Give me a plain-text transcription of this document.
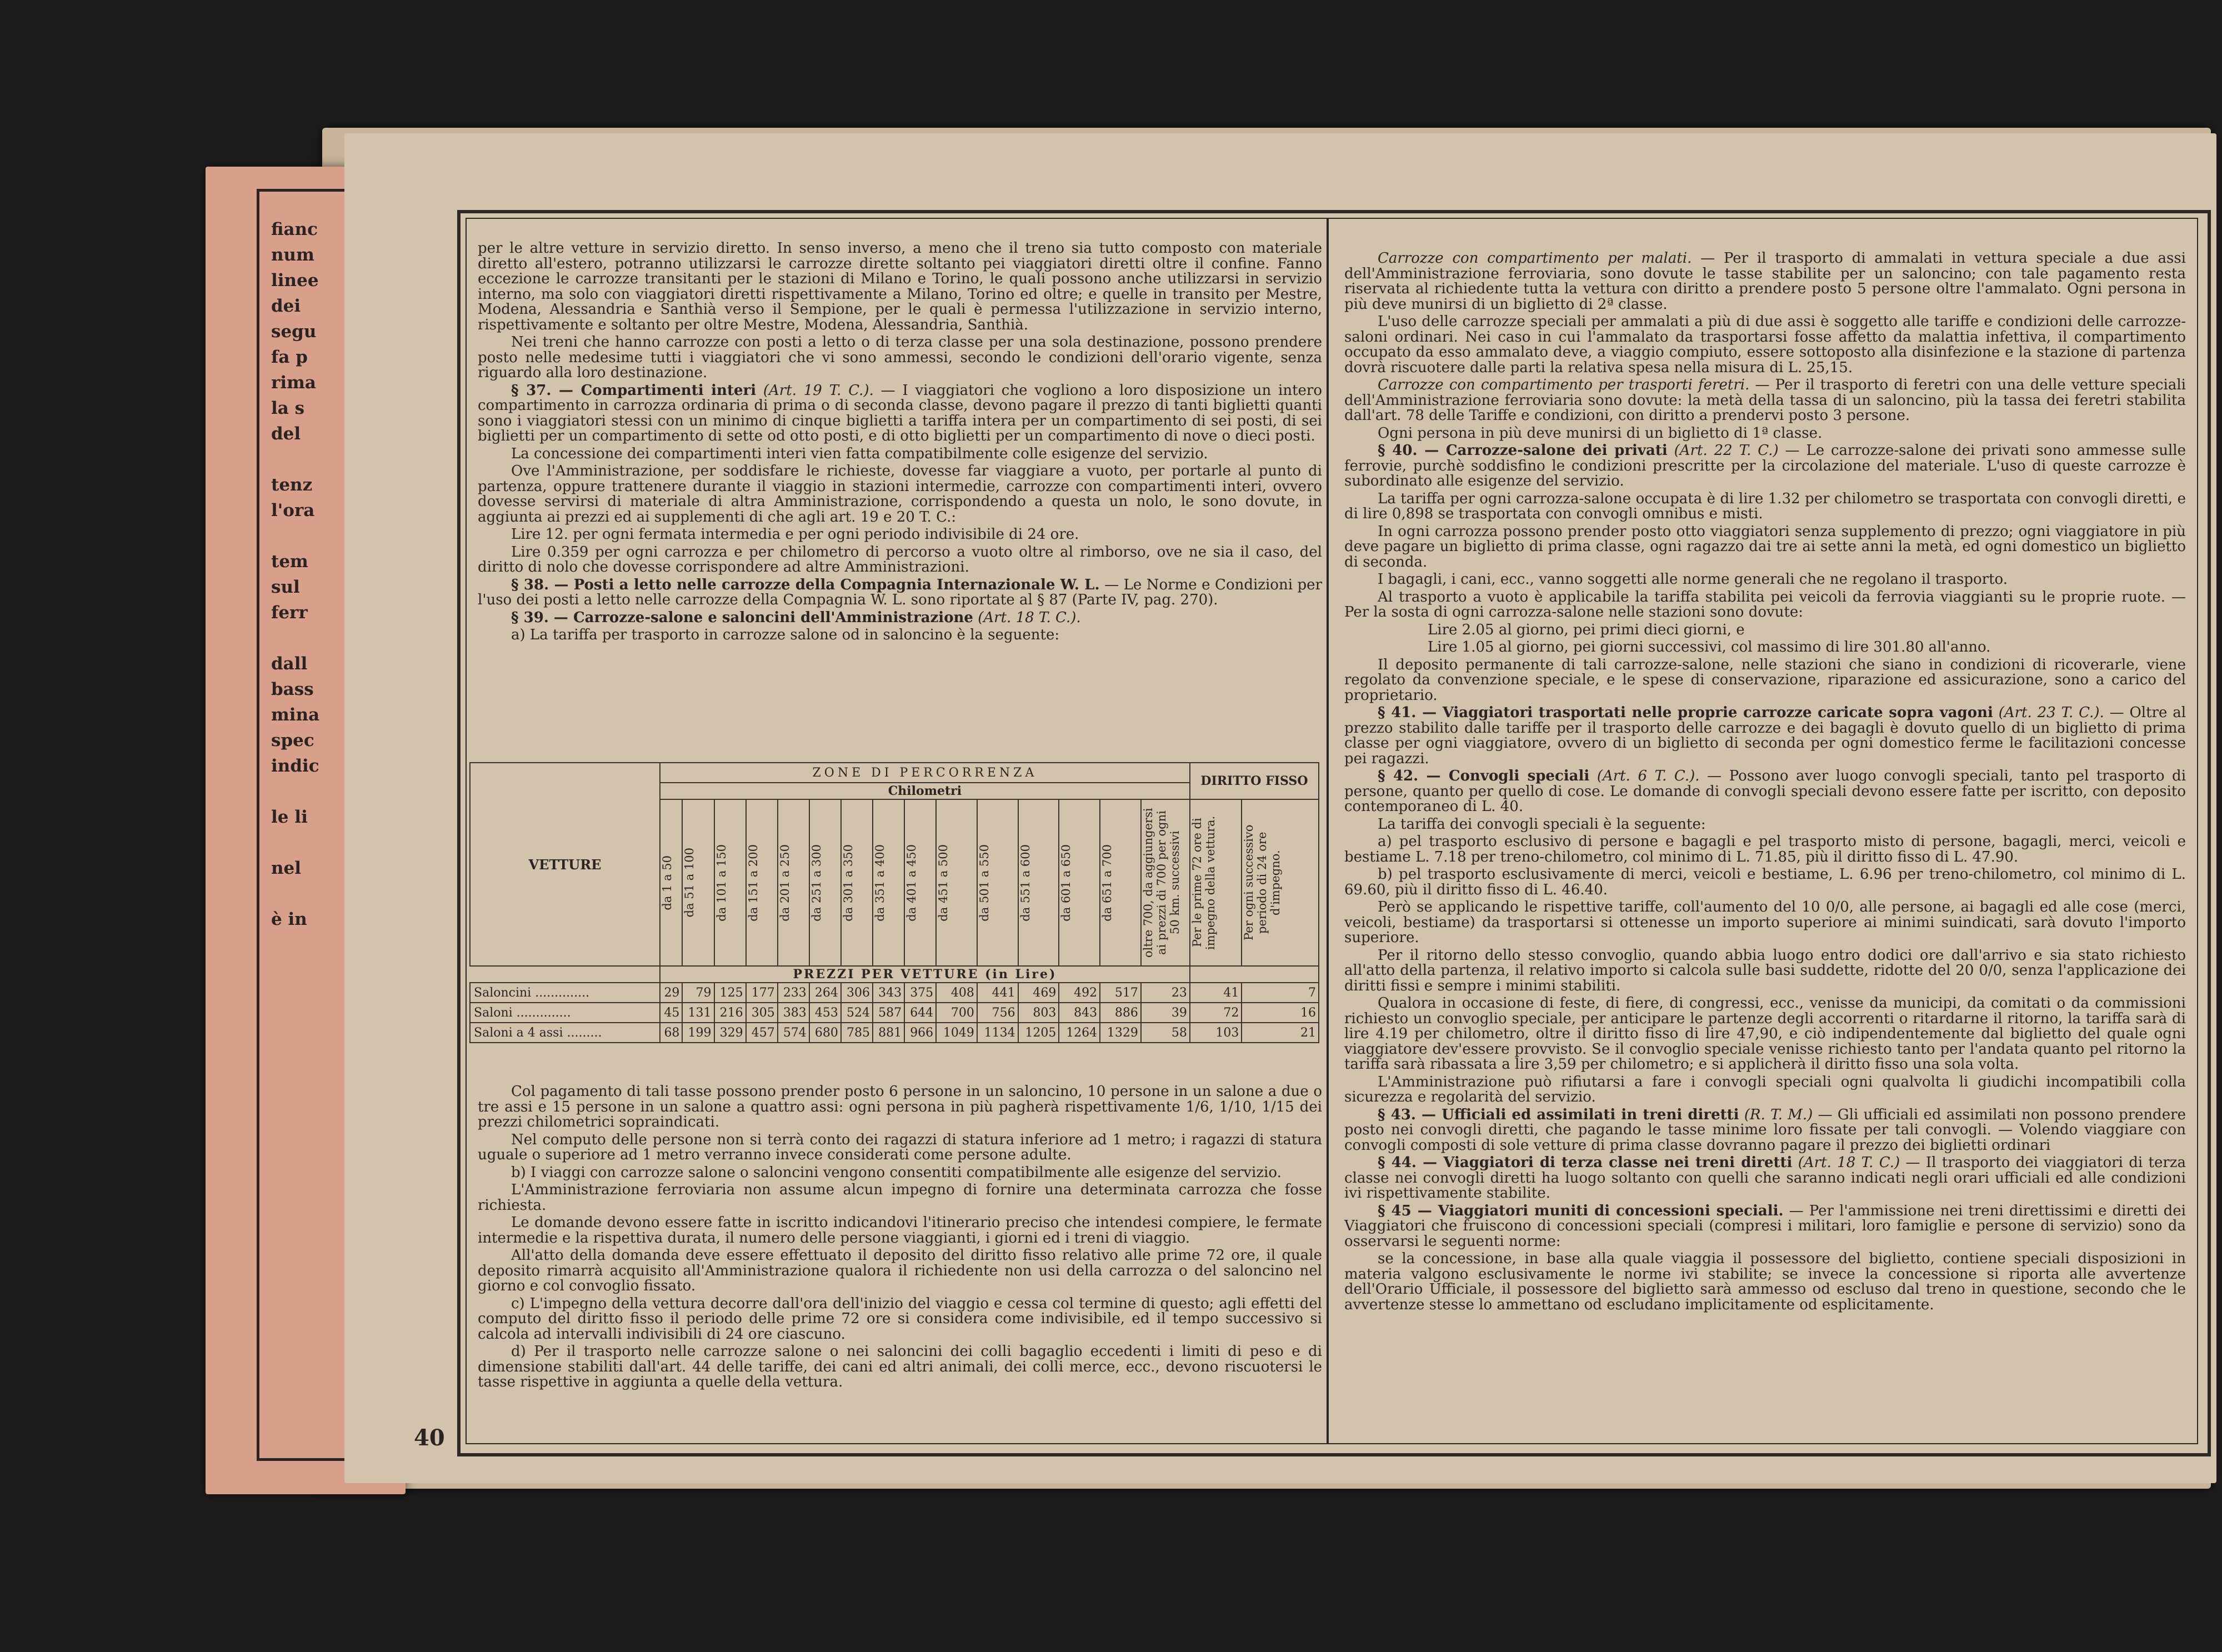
fianc
num
linee
dei
segu
fa p
rima
la s
del

tenz
l'ora

tem
sul
ferr

dall
bass
mina
spec
indic

le li

nel

è in
40

per le altre vetture in servizio diretto. In senso inverso, a meno che il treno sia tutto composto con materiale diretto all'estero, potranno utilizzarsi le carrozze dirette soltanto pei viaggiatori diretti oltre il confine. Fanno eccezione le carrozze transitanti per le stazioni di Milano e Torino, le quali possono anche utilizzarsi in servizio interno, ma solo con viaggiatori diretti rispettivamente a Milano, Torino ed oltre; e quelle in transito per Mestre, Modena, Alessandria e Santhià verso il Sempione, per le quali è permessa l'utilizzazione in servizio interno, rispettivamente e soltanto per oltre Mestre, Modena, Alessandria, Santhià.

Nei treni che hanno carrozze con posti a letto o di terza classe per una sola destinazione, possono prendere posto nelle medesime tutti i viaggiatori che vi sono ammessi, secondo le condizioni dell'orario vigente, senza riguardo alla loro destinazione.

§ 37. — Compartimenti interi (Art. 19 T. C.). — I viaggiatori che vogliono a loro disposizione un intero compartimento in carrozza ordinaria di prima o di seconda classe, devono pagare il prezzo di tanti biglietti quanti sono i viaggiatori stessi con un minimo di cinque biglietti a tariffa intera per un compartimento di sei posti, di sei biglietti per un compartimento di sette od otto posti, e di otto biglietti per un compartimento di nove o dieci posti.

La concessione dei compartimenti interi vien fatta compatibilmente colle esigenze del servizio.

Ove l'Amministrazione, per soddisfare le richieste, dovesse far viaggiare a vuoto, per portarle al punto di partenza, oppure trattenere durante il viaggio in stazioni intermedie, carrozze con compartimenti interi, ovvero dovesse servirsi di materiale di altra Amministrazione, corrispondendo a questa un nolo, le sono dovute, in aggiunta ai prezzi ed ai supplementi di che agli art. 19 e 20 T. C.:

Lire 12. per ogni fermata intermedia e per ogni periodo indivisibile di 24 ore.

Lire 0.359 per ogni carrozza e per chilometro di percorso a vuoto oltre al rimborso, ove ne sia il caso, del diritto di nolo che dovesse corrispondere ad altre Amministrazioni.

§ 38. — Posti a letto nelle carrozze della Compagnia Internazionale W. L. — Le Norme e Condizioni per l'uso dei posti a letto nelle carrozze della Compagnia W. L. sono riportate al § 87 (Parte IV, pag. 270).

§ 39. — Carrozze-salone e saloncini dell'Amministrazione (Art. 18 T. C.).

a) La tariffa per trasporto in carrozze salone od in saloncino è la seguente:

VETTURE	ZONE DI PERCORRENZA															DIRITTO FISSO	
	Chilometri																

	da 1 a 50	da 51 a 100	da 101 a 150	da 151 a 200	da 201 a 250	da 251 a 300	da 301 a 350	da 351 a 400	da 401 a 450	da 451 a 500	da 501 a 550	da 551 a 600	da 601 a 650	da 651 a 700	oltre 700, da aggiungersi ai prezzi di 700 per ogni 50 km. successivi	Per le prime 72 ore di impegno della vettura.	Per ogni successivo periodo di 24 ore d'impegno.

	PREZZI PER VETTURE (in Lire)																
Saloncini ..............	29	79	125	177	233	264	306	343	375	408	441	469	492	517	23	41	7
Saloni ..............	45	131	216	305	383	453	524	587	644	700	756	803	843	886	39	72	16
Saloni a 4 assi .........	68	199	329	457	574	680	785	881	966	1049	1134	1205	1264	1329	58	103	21

Col pagamento di tali tasse possono prender posto 6 persone in un saloncino, 10 persone in un salone a due o tre assi e 15 persone in un salone a quattro assi: ogni persona in più pagherà rispettivamente 1/6, 1/10, 1/15 dei prezzi chilometrici sopraindicati.

Nel computo delle persone non si terrà conto dei ragazzi di statura inferiore ad 1 metro; i ragazzi di statura uguale o superiore ad 1 metro verranno invece considerati come persone adulte.

b) I viaggi con carrozze salone o saloncini vengono consentiti compatibilmente alle esigenze del servizio.

L'Amministrazione ferroviaria non assume alcun impegno di fornire una determinata carrozza che fosse richiesta.

Le domande devono essere fatte in iscritto indicandovi l'itinerario preciso che intendesi compiere, le fermate intermedie e la rispettiva durata, il numero delle persone viaggianti, i giorni ed i treni di viaggio.

All'atto della domanda deve essere effettuato il deposito del diritto fisso relativo alle prime 72 ore, il quale deposito rimarrà acquisito all'Amministrazione qualora il richiedente non usi della carrozza o del saloncino nel giorno e col convoglio fissato.

c) L'impegno della vettura decorre dall'ora dell'inizio del viaggio e cessa col termine di questo; agli effetti del computo del diritto fisso il periodo delle prime 72 ore si considera come indivisibile, ed il tempo successivo si calcola ad intervalli indivisibili di 24 ore ciascuno.

d) Per il trasporto nelle carrozze salone o nei saloncini dei colli bagaglio eccedenti i limiti di peso e di dimensione stabiliti dall'art. 44 delle tariffe, dei cani ed altri animali, dei colli merce, ecc., devono riscuotersi le tasse rispettive in aggiunta a quelle della vettura.

Carrozze con compartimento per malati. — Per il trasporto di ammalati in vettura speciale a due assi dell'Amministrazione ferroviaria, sono dovute le tasse stabilite per un saloncino; con tale pagamento resta riservata al richiedente tutta la vettura con diritto a prendere posto 5 persone oltre l'ammalato. Ogni persona in più deve munirsi di un biglietto di 2ª classe.

L'uso delle carrozze speciali per ammalati a più di due assi è soggetto alle tariffe e condizioni delle carrozze-saloni ordinari. Nei caso in cui l'ammalato da trasportarsi fosse affetto da malattia infettiva, il compartimento occupato da esso ammalato deve, a viaggio compiuto, essere sottoposto alla disinfezione e la stazione di partenza dovrà riscuotere dalle parti la relativa spesa nella misura di L. 25,15.

Carrozze con compartimento per trasporti feretri. — Per il trasporto di feretri con una delle vetture speciali dell'Amministrazione ferroviaria sono dovute: la metà della tassa di un saloncino, più la tassa dei feretri stabilita dall'art. 78 delle Tariffe e condizioni, con diritto a prendervi posto 3 persone.

Ogni persona in più deve munirsi di un biglietto di 1ª classe.

§ 40. — Carrozze-salone dei privati (Art. 22 T. C.) — Le carrozze-salone dei privati sono ammesse sulle ferrovie, purchè soddisfino le condizioni prescritte per la circolazione del materiale. L'uso di queste carrozze è subordinato alle esigenze del servizio.

La tariffa per ogni carrozza-salone occupata è di lire 1.32 per chilometro se trasportata con convogli diretti, e di lire 0,898 se trasportata con convogli omnibus e misti.

In ogni carrozza possono prender posto otto viaggiatori senza supplemento di prezzo; ogni viaggiatore in più deve pagare un biglietto di prima classe, ogni ragazzo dai tre ai sette anni la metà, ed ogni domestico un biglietto di seconda.

I bagagli, i cani, ecc., vanno soggetti alle norme generali che ne regolano il trasporto.

Al trasporto a vuoto è applicabile la tariffa stabilita pei veicoli da ferrovia viaggianti su le proprie ruote. — Per la sosta di ogni carrozza-salone nelle stazioni sono dovute:

Lire 2.05 al giorno, pei primi dieci giorni, e

Lire 1.05 al giorno, pei giorni successivi, col massimo di lire 301.80 all'anno.

Il deposito permanente di tali carrozze-salone, nelle stazioni che siano in condizioni di ricoverarle, viene regolato da convenzione speciale, e le spese di conservazione, riparazione ed assicurazione, sono a carico del proprietario.

§ 41. — Viaggiatori trasportati nelle proprie carrozze caricate sopra vagoni (Art. 23 T. C.). — Oltre al prezzo stabilito dalle tariffe per il trasporto delle carrozze e dei bagagli è dovuto quello di un biglietto di prima classe per ogni viaggiatore, ovvero di un biglietto di seconda per ogni domestico ferme le facilitazioni concesse pei ragazzi.

§ 42. — Convogli speciali (Art. 6 T. C.). — Possono aver luogo convogli speciali, tanto pel trasporto di persone, quanto per quello di cose. Le domande di convogli speciali devono essere fatte per iscritto, con deposito contemporaneo di L. 40.

La tariffa dei convogli speciali è la seguente:

a) pel trasporto esclusivo di persone e bagagli e pel trasporto misto di persone, bagagli, merci, veicoli e bestiame L. 7.18 per treno-chilometro, col minimo di L. 71.85, più il diritto fisso di L. 47.90.

b) pel trasporto esclusivamente di merci, veicoli e bestiame, L. 6.96 per treno-chilometro, col minimo di L. 69.60, più il diritto fisso di L. 46.40.

Però se applicando le rispettive tariffe, coll'aumento del 10 0/0, alle persone, ai bagagli ed alle cose (merci, veicoli, bestiame) da trasportarsi si ottenesse un importo superiore ai minimi suindicati, sarà dovuto l'importo superiore.

Per il ritorno dello stesso convoglio, quando abbia luogo entro dodici ore dall'arrivo e sia stato richiesto all'atto della partenza, il relativo importo si calcola sulle basi suddette, ridotte del 20 0/0, senza l'applicazione dei diritti fissi e sempre i minimi stabiliti.

Qualora in occasione di feste, di fiere, di congressi, ecc., venisse da municipi, da comitati o da commissioni richiesto un convoglio speciale, per anticipare le partenze degli accorrenti o ritardarne il ritorno, la tariffa sarà di lire 4.19 per chilometro, oltre il diritto fisso di lire 47,90, e ciò indipendentemente dal biglietto del quale ogni viaggiatore dev'essere provvisto. Se il convoglio speciale venisse richiesto tanto per l'andata quanto pel ritorno la tariffa sarà ribassata a lire 3,59 per chilometro; e si applicherà il diritto fisso una sola volta.

L'Amministrazione può rifiutarsi a fare i convogli speciali ogni qualvolta li giudichi incompatibili colla sicurezza e regolarità del servizio.

§ 43. — Ufficiali ed assimilati in treni diretti (R. T. M.) — Gli ufficiali ed assimilati non possono prendere posto nei convogli diretti, che pagando le tasse minime loro fissate per tali convogli. — Volendo viaggiare con convogli composti di sole vetture di prima classe dovranno pagare il prezzo dei biglietti ordinari

§ 44. — Viaggiatori di terza classe nei treni diretti (Art. 18 T. C.) — Il trasporto dei viaggiatori di terza classe nei convogli diretti ha luogo soltanto con quelli che saranno indicati negli orari ufficiali ed alle condizioni ivi rispettivamente stabilite.

§ 45 — Viaggiatori muniti di concessioni speciali. — Per l'ammissione nei treni direttissimi e diretti dei Viaggiatori che fruiscono di concessioni speciali (compresi i militari, loro famiglie e persone di servizio) sono da osservarsi le seguenti norme:

se la concessione, in base alla quale viaggia il possessore del biglietto, contiene speciali disposizioni in materia valgono esclusivamente le norme ivi stabilite; se invece la concessione si riporta alle avvertenze dell'Orario Ufficiale, il possessore del biglietto sarà ammesso od escluso dal treno in questione, secondo che le avvertenze stesse lo ammettano od escludano implicitamente od esplicitamente.
